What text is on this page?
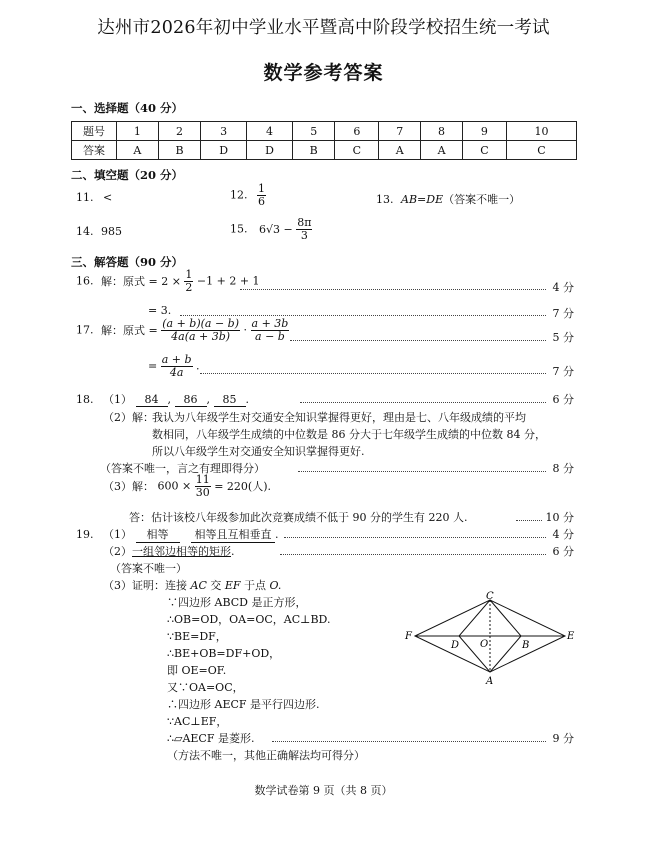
达州市2026年初中学业水平暨高中阶段学校招生统一考试
数学参考答案
一、选择题（40 分）
题号	1	2	3	4	5	6	7	8	9	10
答案	A	B	D	D	B	C	A	A	C	C
二、填空题（20 分）
11. <	12. $\frac{1}{6}$	13. AB=DE（答案不唯一）
14. 985	15. $6√3 - \frac{8\pi}{3}$
三、解答题（90 分）
16. 解：原式 = $2 \times \frac{1}{2} -1 + 2 + 1$	4 分
= 3.	7 分
17. 解：原式 = $\frac{(a + b)(a - b)}{4a(a + 3b)} \cdot \frac{a + 3b}{a - b}$	5 分
= $\frac{a + b}{4a}$ .	7 分
18. （1） 84 , 86 , 85 .	6 分
（2）解：
我认为八年级学生对交通安全知识掌握得更好，理由是七、八年级成绩的平均
数相同，八年级学生成绩的中位数是 86 分大于七年级学生成绩的中位数 84 分，
所以八年级学生对交通安全知识掌握得更好.
（答案不唯一，言之有理即得分）	8 分
（3）解： $600 \times \frac{11}{30} = 220$(人).
答：估计该校八年级参加此次竞赛成绩不低于 90 分的学生有 220 人.	10 分
19. （1） 相等 相等且互相垂直 .	4 分
（2）一组邻边相等的矩形.	6 分
（答案不唯一）
（3）证明：连接 AC 交 EF 于点 O.
∵四边形 ABCD 是正方形，
∴OB=OD，OA=OC，AC⊥BD.
∵BE=DF，
∴BE+OB=DF+OD，
即 OE=OF.
又∵OA=OC，
∴四边形 AECF 是平行四边形.
∵AC⊥EF，
∴▱AECF 是菱形.	9 分
（方法不唯一，其他正确解法均可得分）
C
F
D O	B
E
A
数学试卷第 9 页（共 8 页）
